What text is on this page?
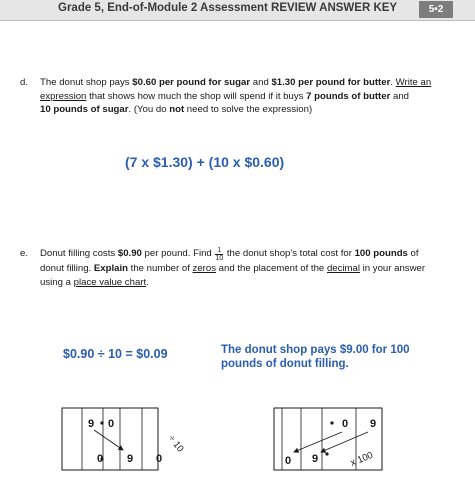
Grade 5, End-of-Module 2 Assessment REVIEW ANSWER KEY	5•2
d. The donut shop pays $0.60 per pound for sugar and $1.30 per pound for butter. Write an expression that shows how much the shop will spend if it buys 7 pounds of butter and
10 pounds of sugar. (You do not need to solve the expression)
(7 x $1.30) + (10 x $0.60)
e. Donut filling costs $0.90 per pound. Find $\frac{1}{10}$ the donut shop's total cost for 100 pounds of donut filling. Explain the number of zeros and the placement of the decimal in your answer using a place value chart.
$0.90 ÷ 10 = $0.09	The donut shop pays $9.00 for 100 pounds of donut filling.
9 0
0 9 0
÷ 10
0 9
0 9	x 100
